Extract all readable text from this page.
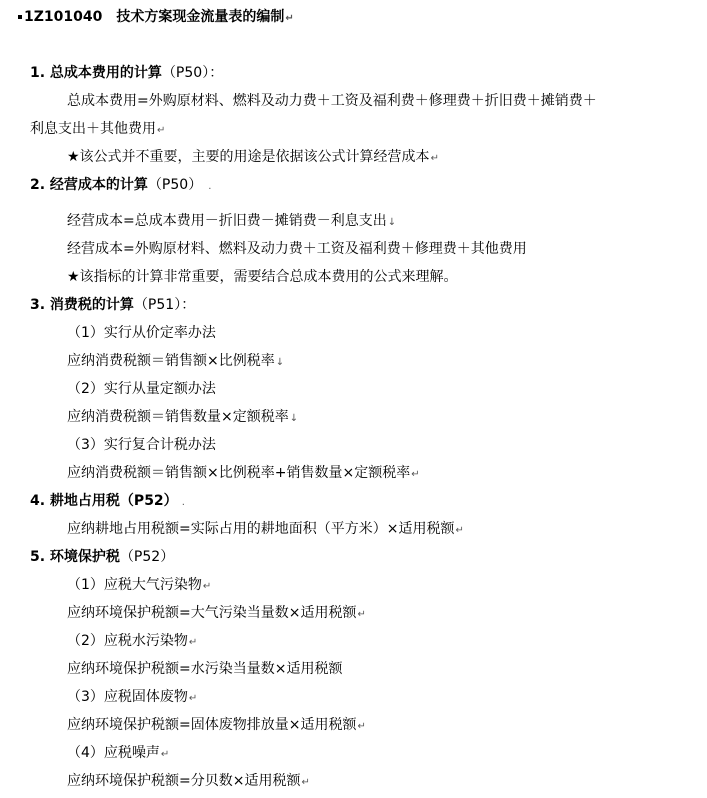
1Z101040　技术方案现金流量表的编制↵
1. 总成本费用的计算（P50）：
总成本费用=外购原材料、燃料及动力费＋工资及福利费＋修理费＋折旧费＋摊销费＋
利息支出＋其他费用↵
★该公式并不重要，主要的用途是依据该公式计算经营成本↵
2. 经营成本的计算（P50） .
经营成本=总成本费用－折旧费－摊销费－利息支出↓
经营成本=外购原材料、燃料及动力费＋工资及福利费＋修理费＋其他费用
★该指标的计算非常重要，需要结合总成本费用的公式来理解。
3. 消费税的计算（P51）：
（1）实行从价定率办法
应纳消费税额＝销售额×比例税率↓
（2）实行从量定额办法
应纳消费税额＝销售数量×定额税率↓
（3）实行复合计税办法
应纳消费税额＝销售额×比例税率+销售数量×定额税率↵
4. 耕地占用税（P52） .
应纳耕地占用税额=实际占用的耕地面积（平方米）×适用税额↵
5. 环境保护税（P52）
（1）应税大气污染物↵
应纳环境保护税额=大气污染当量数×适用税额↵
（2）应税水污染物↵
应纳环境保护税额=水污染当量数×适用税额
（3）应税固体废物↵
应纳环境保护税额=固体废物排放量×适用税额↵
（4）应税噪声↵
应纳环境保护税额=分贝数×适用税额↵
